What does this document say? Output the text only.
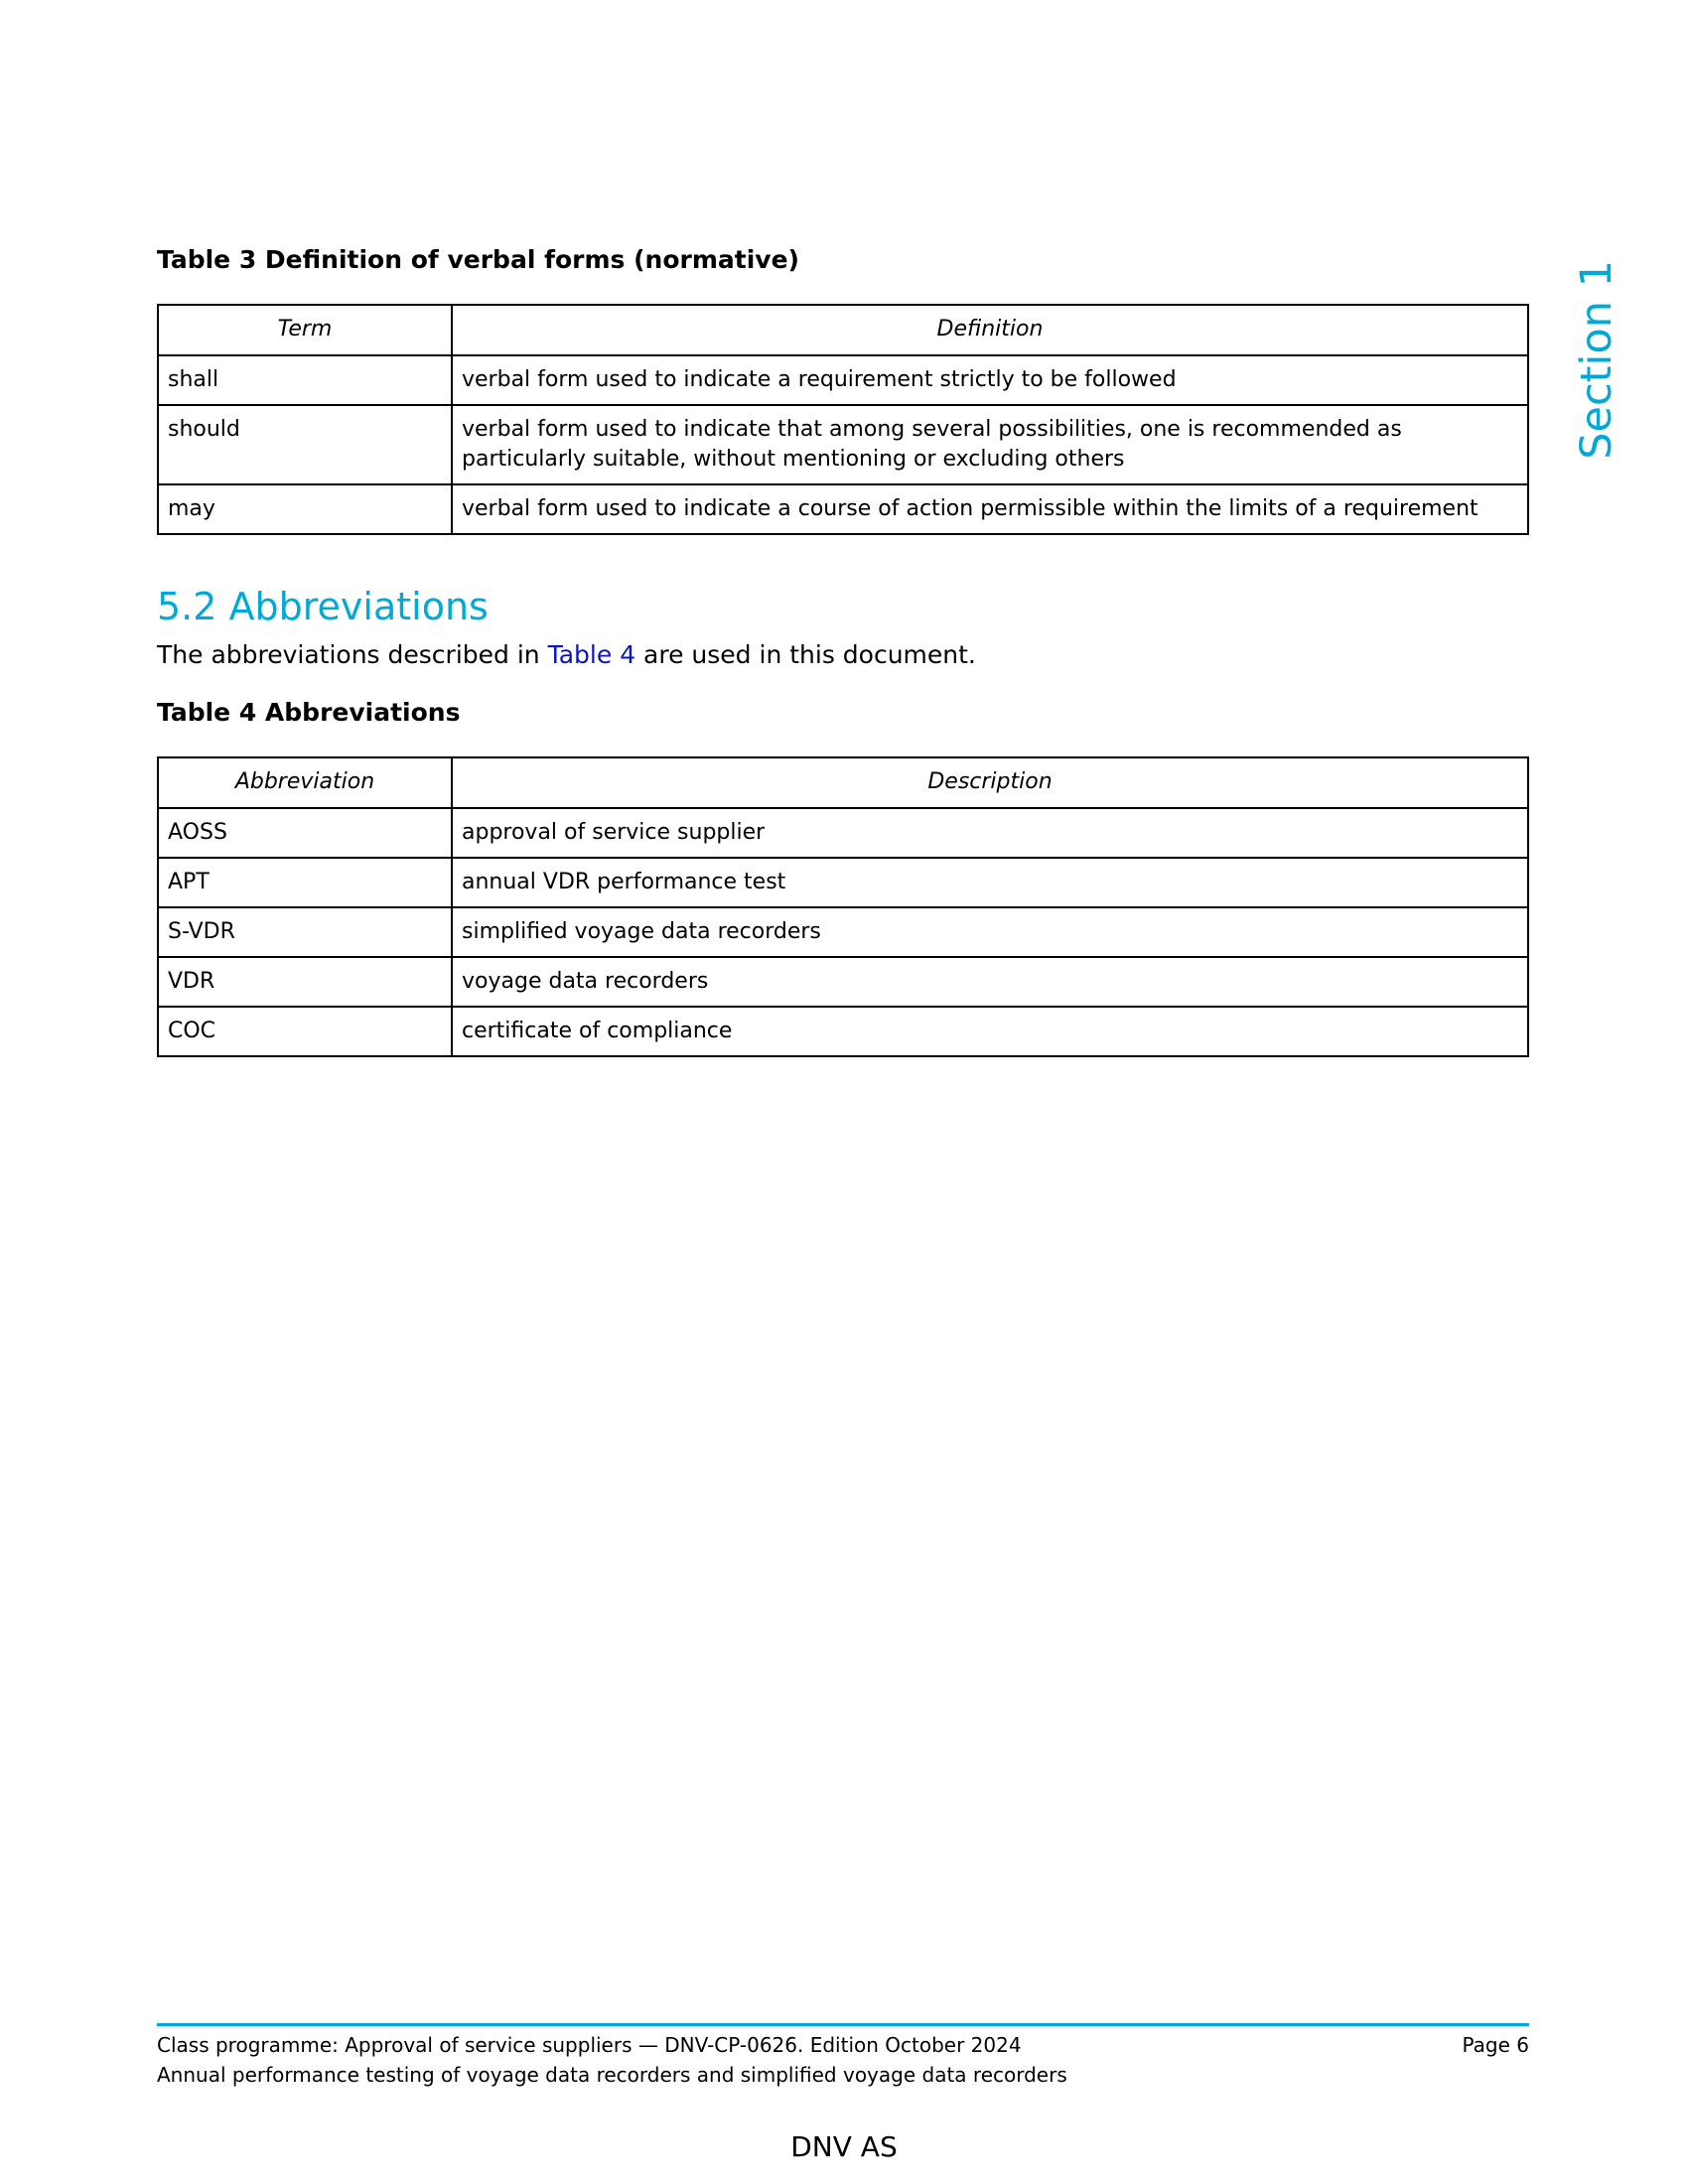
Table 3 Definition of verbal forms (normative)

Term	Definition
shall	verbal form used to indicate a requirement strictly to be followed
should	verbal form used to indicate that among several possibilities, one is recommended as particularly suitable, without mentioning or excluding others
may	verbal form used to indicate a course of action permissible within the limits of a requirement
5.2 Abbreviations

The abbreviations described in Table 4 are used in this document.

Table 4 Abbreviations

Abbreviation	Description
AOSS	approval of service supplier
APT	annual VDR performance test
S-VDR	simplified voyage data recorders
VDR	voyage data recorders
COC	certificate of compliance
Section 1

Class programme: Approval of service suppliers — DNV-CP-0626. Edition October 2024

Annual performance testing of voyage data recorders and simplified voyage data recorders

Page 6

DNV AS
